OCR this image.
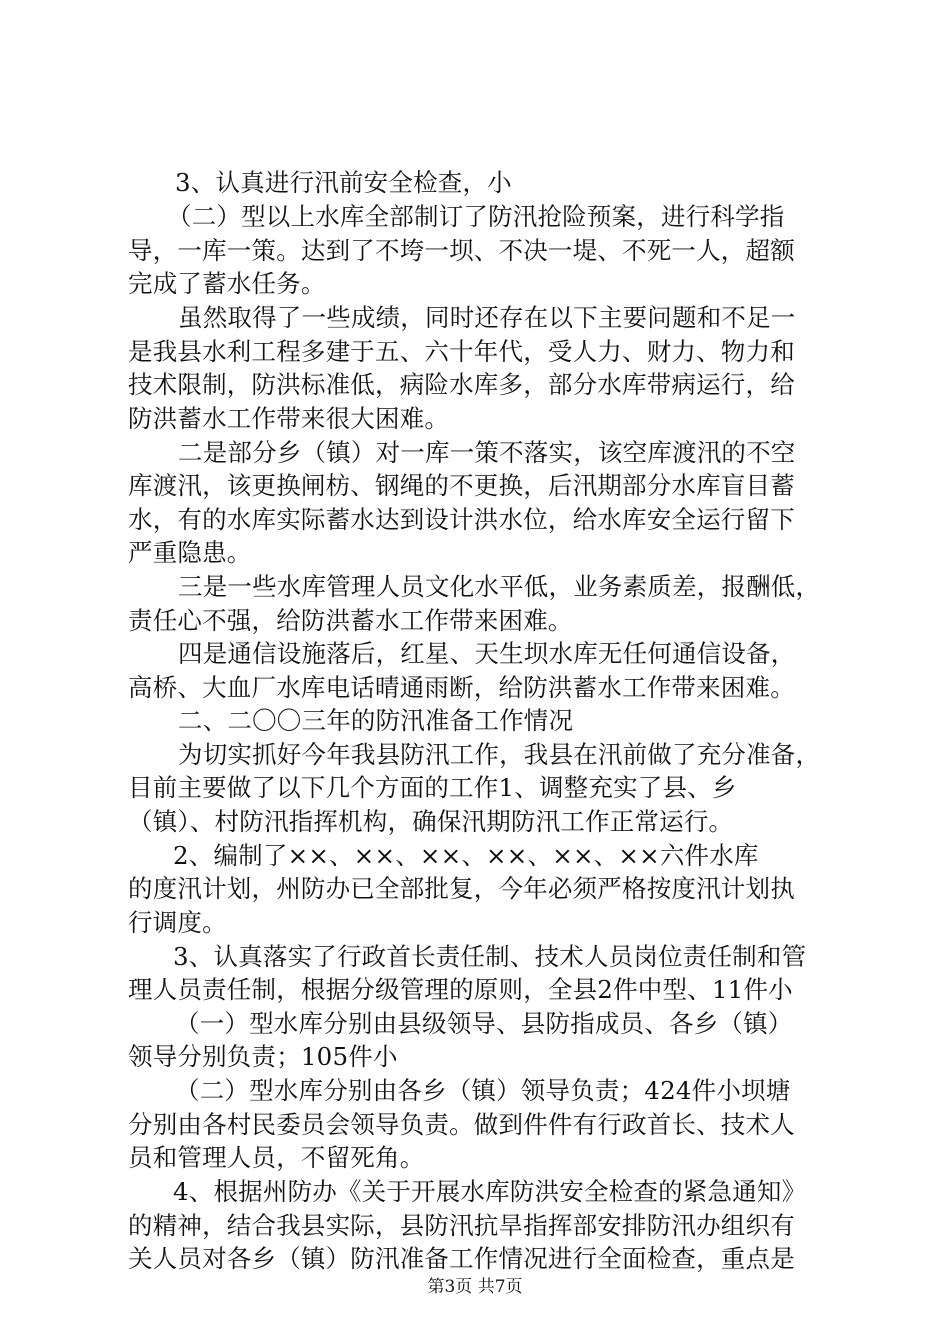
3、认真进行汛前安全检查，小
（二）型以上水库全部制订了防汛抢险预案，进行科学指
导，一库一策。达到了不垮一坝、不决一堤、不死一人，超额
完成了蓄水任务。
虽然取得了一些成绩，同时还存在以下主要问题和不足一
是我县水利工程多建于五、六十年代，受人力、财力、物力和
技术限制，防洪标准低，病险水库多，部分水库带病运行，给
防洪蓄水工作带来很大困难。
二是部分乡（镇）对一库一策不落实，该空库渡汛的不空
库渡汛，该更换闸枋、钢绳的不更换，后汛期部分水库盲目蓄
水，有的水库实际蓄水达到设计洪水位，给水库安全运行留下
严重隐患。
三是一些水库管理人员文化水平低，业务素质差，报酬低，
责任心不强，给防洪蓄水工作带来困难。
四是通信设施落后，红星、天生坝水库无任何通信设备，
高桥、大血厂水库电话晴通雨断，给防洪蓄水工作带来困难。
二、二〇〇三年的防汛准备工作情况
为切实抓好今年我县防汛工作，我县在汛前做了充分准备，
目前主要做了以下几个方面的工作1、调整充实了县、乡
（镇）、村防汛指挥机构，确保汛期防汛工作正常运行。
2、编制了××、××、××、××、××、××六件水库
的度汛计划，州防办已全部批复，今年必须严格按度汛计划执
行调度。
3、认真落实了行政首长责任制、技术人员岗位责任制和管
理人员责任制，根据分级管理的原则，全县2件中型、11件小
（一）型水库分别由县级领导、县防指成员、各乡（镇）
领导分别负责；105件小
（二）型水库分别由各乡（镇）领导负责；424件小坝塘
分别由各村民委员会领导负责。做到件件有行政首长、技术人
员和管理人员，不留死角。
4、根据州防办《关于开展水库防洪安全检查的紧急通知》
的精神，结合我县实际，县防汛抗旱指挥部安排防汛办组织有
关人员对各乡（镇）防汛准备工作情况进行全面检查，重点是
第3页 共7页
